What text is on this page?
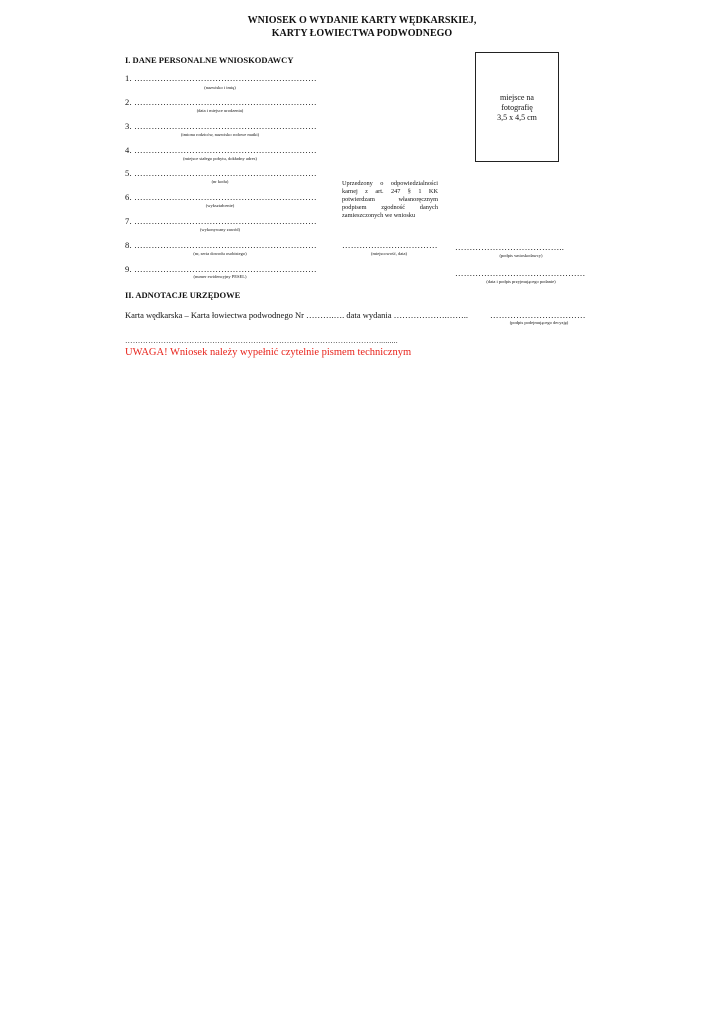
WNIOSEK O WYDANIE KARTY WĘDKARSKIEJ,
KARTY ŁOWIECTWA PODWODNEGO
I. DANE PERSONALNE WNIOSKODAWCY
1. ………………………………………………………
(nazwisko i imię)
2. ………………………………………………………
(data i miejsce urodzenia)
3. ………………………………………………………
(imiona rodziców, nazwisko rodowe matki)
4. ………………………………………………………
(miejsce stałego pobytu, dokładny adres)
5. ………………………………………………………
(nr kodu)
6. ………………………………………………………
(wykształcenie)
7. ………………………………………………………
(wykonywany zawód)
8. ………………………………………………………
(nr, seria dowodu osobistego)
9. ………………………………………………………
(numer ewidencyjny PESEL)
miejsce na
fotografię
3,5 x 4,5 cm
Uprzedzony o odpowiedzialności
karnej z art. 247 § 1 KK
potwierdzam własnoręcznym
podpisem zgodność danych
zamieszczonych we wniosku
……………………………
(miejscowość, data)
………………………………..
(podpis wnioskodawcy)
………………………………………
(data i podpis przyjmującego podanie)
II. ADNOTACJE URZĘDOWE
Karta wędkarska – Karta łowiectwa podwodnego Nr ……….…. data wydania ……………….……..	……………………………
(podpis podejmującego decyzję)
……………………………………………………………………………………….........
UWAGA! Wniosek należy wypełnić czytelnie pismem technicznym
